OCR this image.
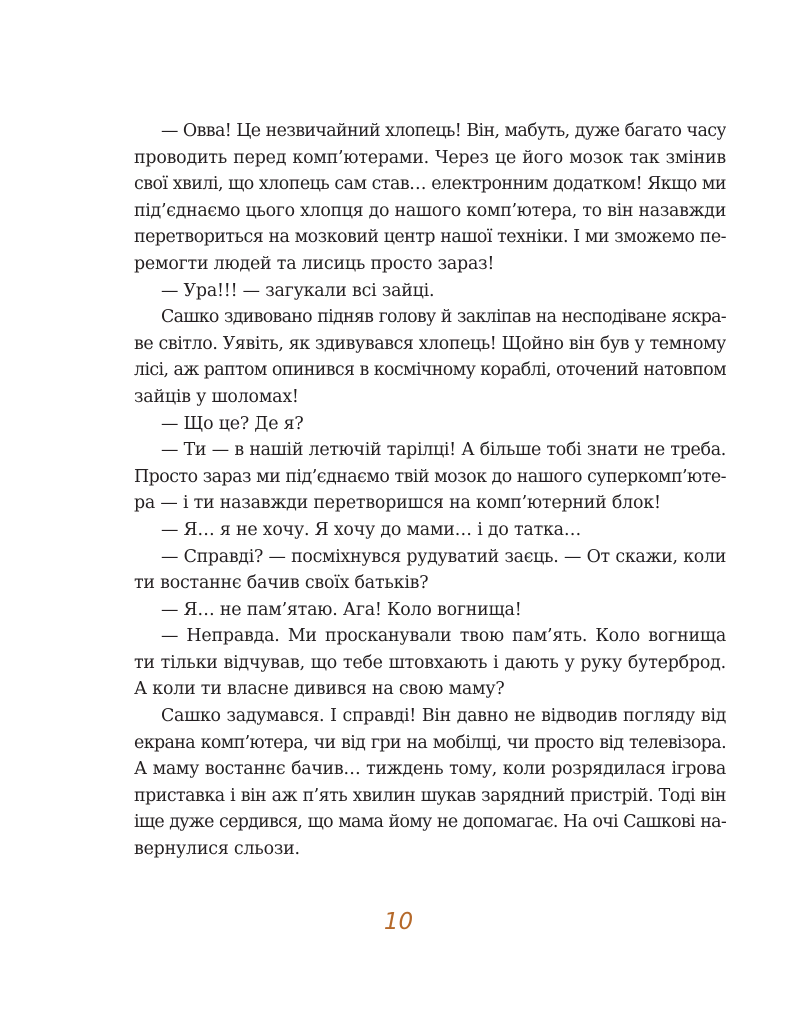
— Овва! Це незвичайний хлопець! Він, мабуть, дуже багато часу
проводить перед комп’ютерами. Через це його мозок так змінив
свої хвилі, що хлопець сам став… електронним додатком! Якщо ми
під’єднаємо цього хлопця до нашого комп’ютера, то він назавжди
перетвориться на мозковий центр нашої техніки. І ми зможемо пе-
ремогти людей та лисиць просто зараз!
— Ура!!! — загукали всі зайці.
Сашко здивовано підняв голову й закліпав на несподіване яскра-
ве світло. Уявіть, як здивувався хлопець! Щойно він був у темному
лісі, аж раптом опинився в космічному кораблі, оточений натовпом
зайців у шоломах!
— Що це? Де я?
— Ти — в нашій летючій тарілці! А більше тобі знати не треба.
Просто зараз ми під’єднаємо твій мозок до нашого суперкомп’юте-
ра — і ти назавжди перетворишся на комп’ютерний блок!
— Я… я не хочу. Я хочу до мами… і до татка…
— Справді? — посміхнувся рудуватий заєць. — От скажи, коли
ти востаннє бачив своїх батьків?
— Я… не пам’ятаю. Ага! Коло вогнища!
— Неправда. Ми просканували твою пам’ять. Коло вогнища
ти тільки відчував, що тебе штовхають і дають у руку бутерброд.
А коли ти власне дивився на свою маму?
Сашко задумався. І справді! Він давно не відводив погляду від
екрана комп’ютера, чи від гри на мобілці, чи просто від телевізора.
А маму востаннє бачив… тиждень тому, коли розрядилася ігрова
приставка і він аж п’ять хвилин шукав зарядний пристрій. Тоді він
іще дуже сердився, що мама йому не допомагає. На очі Сашкові на-
вернулися сльози.
10
